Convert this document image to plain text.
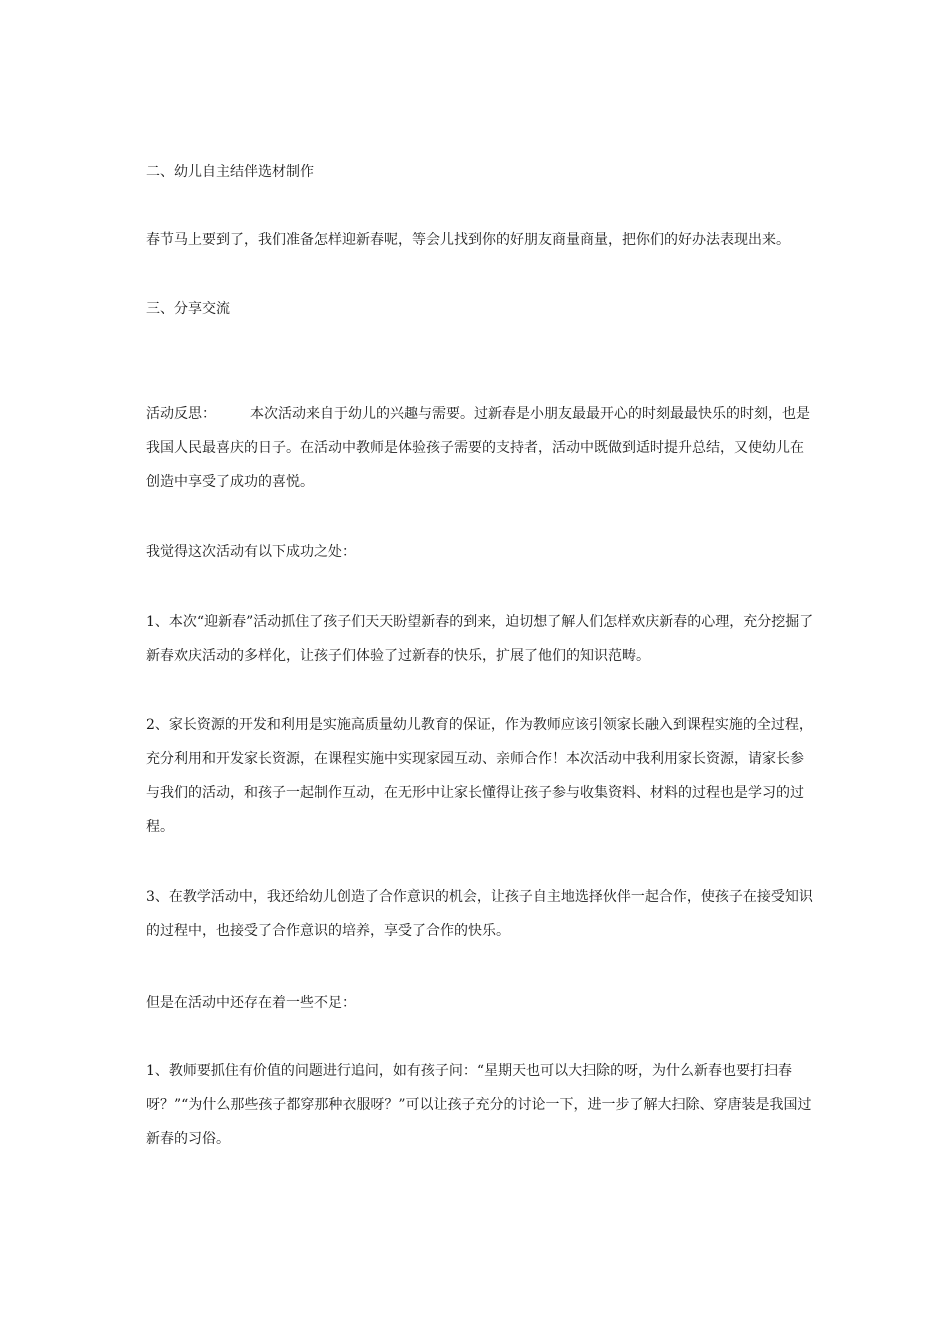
二、幼儿自主结伴选材制作

春节马上要到了，我们准备怎样迎新春呢，等会儿找到你的好朋友商量商量，把你们的好办法表现出来。

三、分享交流

活动反思： 本次活动来自于幼儿的兴趣与需要。过新春是小朋友最最开心的时刻最最快乐的时刻，也是我国人民最喜庆的日子。在活动中教师是体验孩子需要的支持者，活动中既做到适时提升总结，又使幼儿在创造中享受了成功的喜悦。

我觉得这次活动有以下成功之处：

1、本次“迎新春”活动抓住了孩子们天天盼望新春的到来，迫切想了解人们怎样欢庆新春的心理，充分挖掘了新春欢庆活动的多样化，让孩子们体验了过新春的快乐，扩展了他们的知识范畴。

2、家长资源的开发和利用是实施高质量幼儿教育的保证，作为教师应该引领家长融入到课程实施的全过程，充分利用和开发家长资源，在课程实施中实现家园互动、亲师合作！本次活动中我利用家长资源，请家长参与我们的活动，和孩子一起制作互动，在无形中让家长懂得让孩子参与收集资料、材料的过程也是学习的过程。

3、在教学活动中，我还给幼儿创造了合作意识的机会，让孩子自主地选择伙伴一起合作，使孩子在接受知识的过程中，也接受了合作意识的培养，享受了合作的快乐。

但是在活动中还存在着一些不足：

1、教师要抓住有价值的问题进行追问，如有孩子问：“星期天也可以大扫除的呀，为什么新春也要打扫春呀？”“为什么那些孩子都穿那种衣服呀？”可以让孩子充分的讨论一下，进一步了解大扫除、穿唐装是我国过新春的习俗。
